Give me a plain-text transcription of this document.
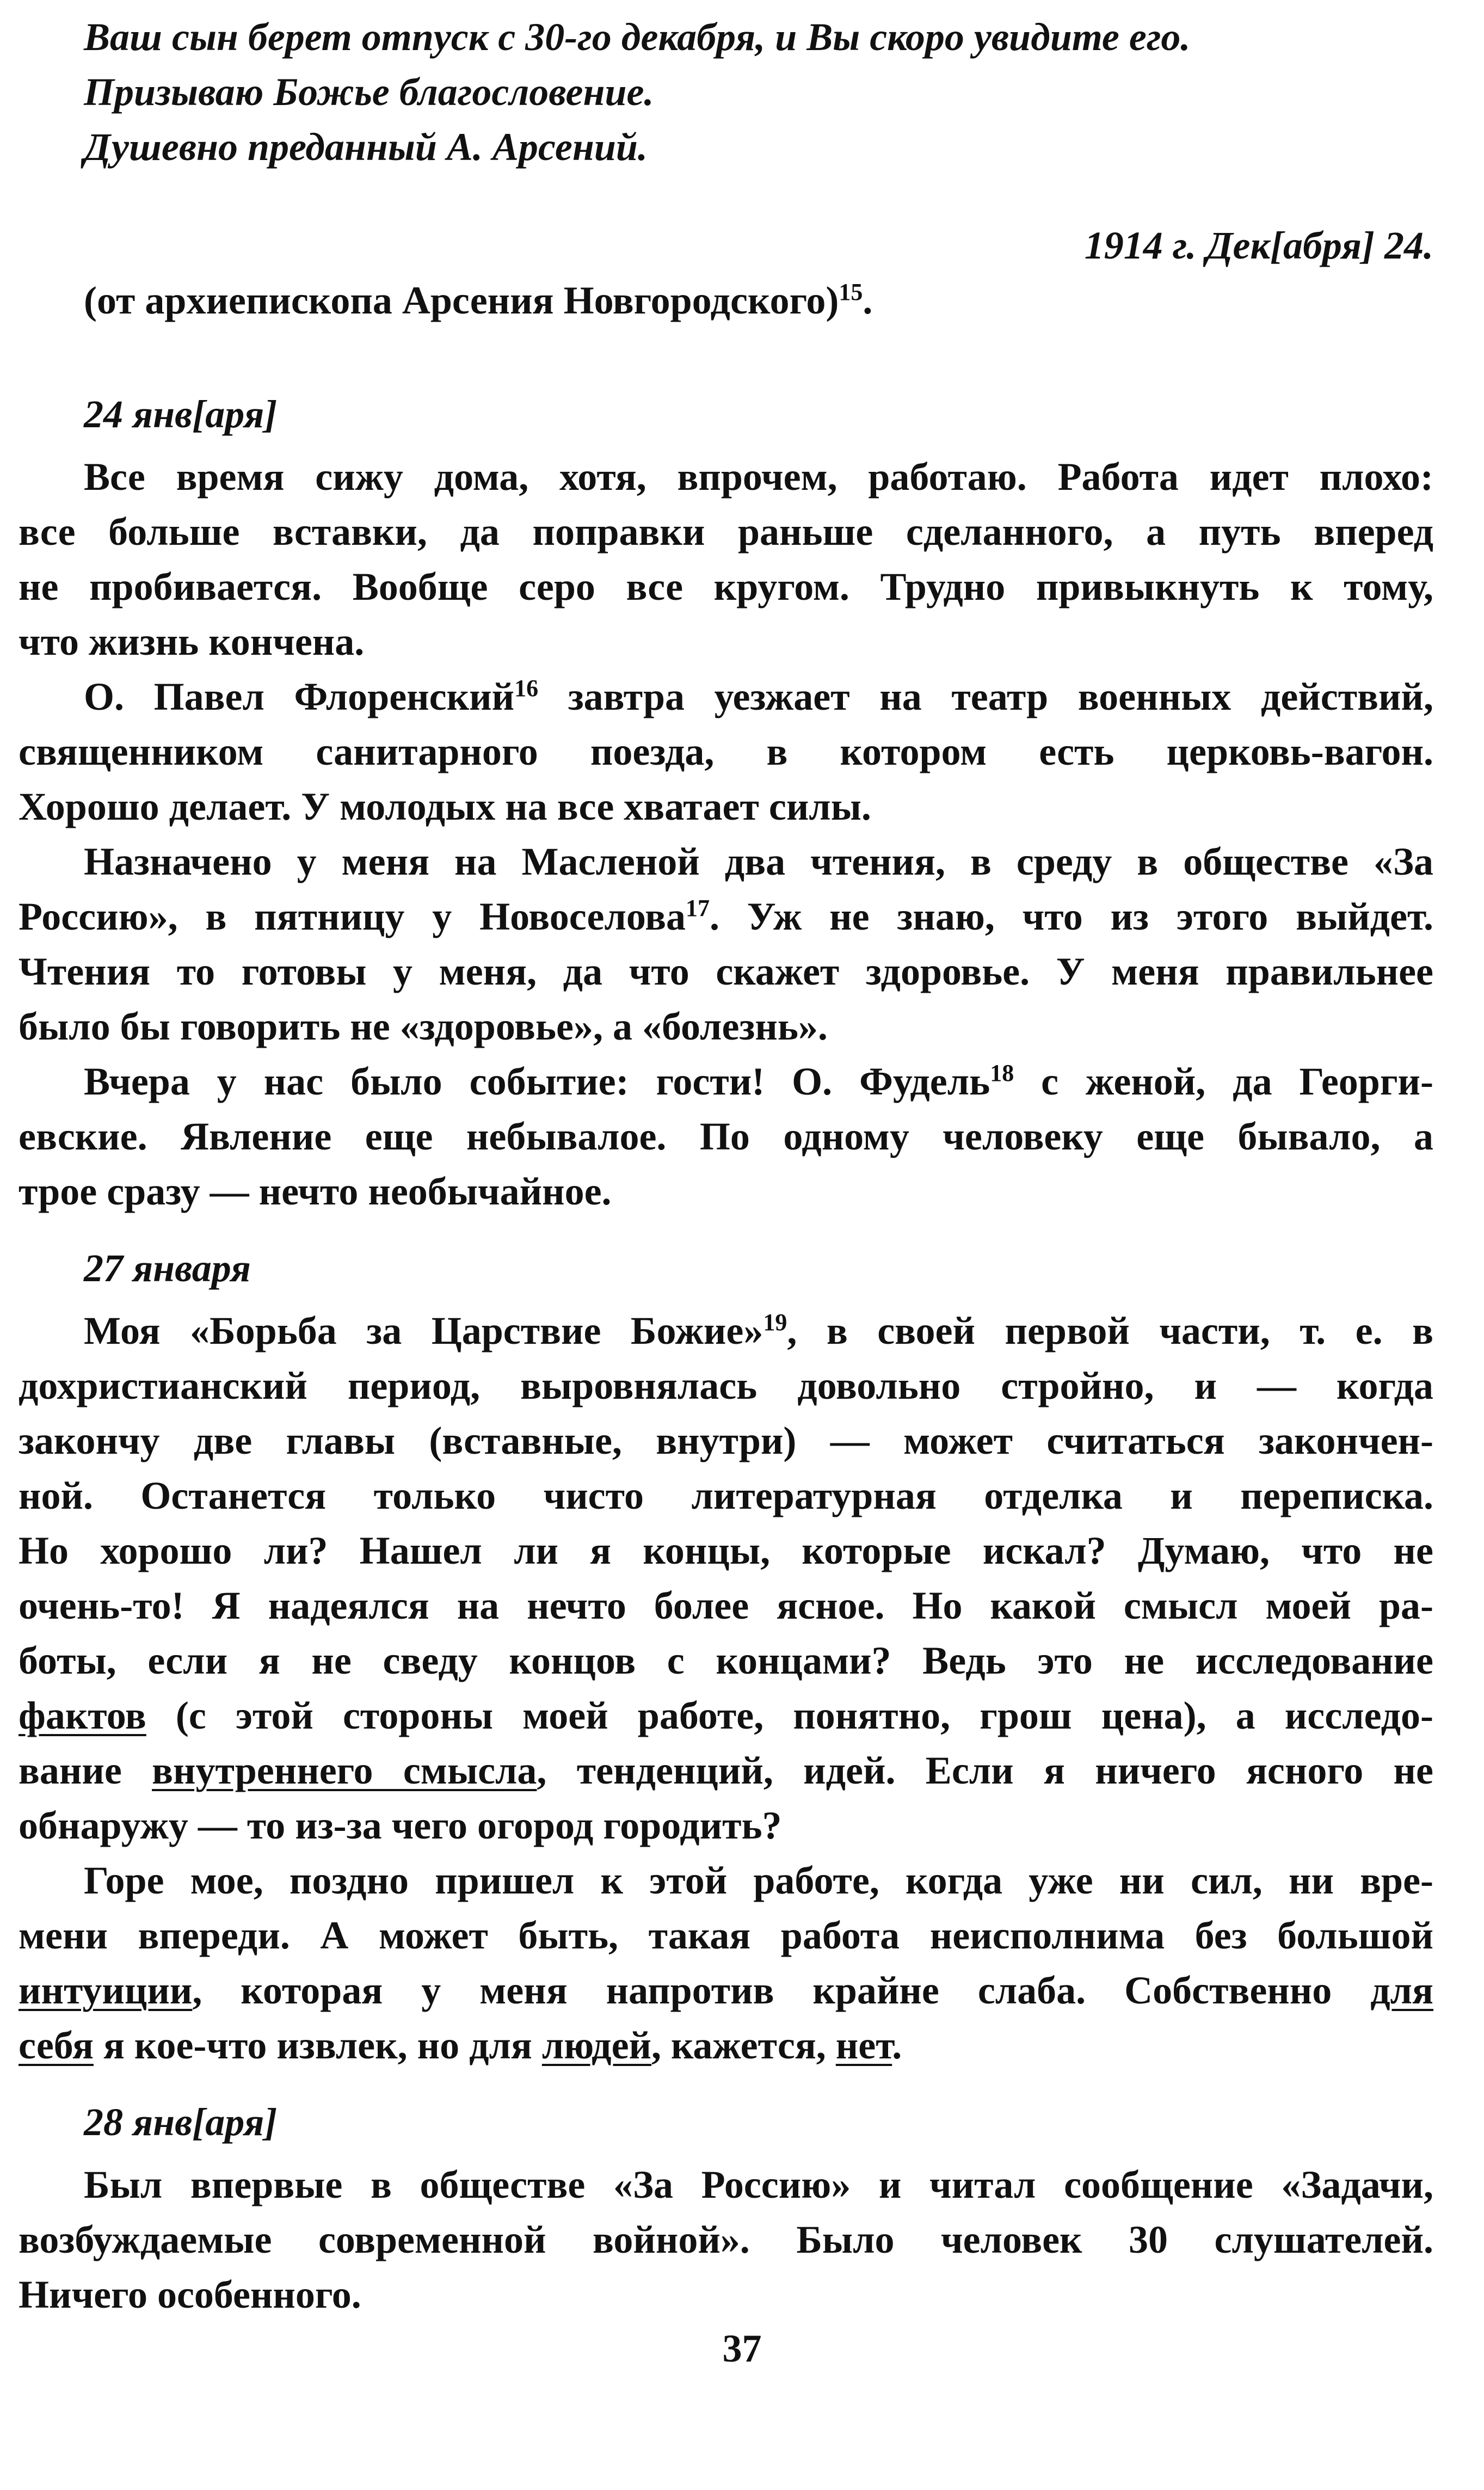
Ваш сын берет отпуск с 30-го декабря, и Вы скоро увидите его.
Призываю Божье благословение.
Душевно преданный А. Арсений.
1914 г. Дек[абря] 24.
(от архиепископа Арсения Новгородского)$^{15}$.
24 янв[аря]
Все время сижу дома, хотя, впрочем, работаю. Работа идет плохо:
все больше вставки, да поправки раньше сделанного, а путь вперед
не пробивается. Вообще серо все кругом. Трудно привыкнуть к тому,
что жизнь кончена.
О. Павел Флоренский$^{16}$ завтра уезжает на театр военных действий,
священником санитарного поезда, в котором есть церковь-вагон.
Хорошо делает. У молодых на все хватает силы.
Назначено у меня на Масленой два чтения, в среду в обществе «За
Россию», в пятницу у Новоселова$^{17}$. Уж не знаю, что из этого выйдет.
Чтения то готовы у меня, да что скажет здоровье. У меня правильнее
было бы говорить не «здоровье», а «болезнь».
Вчера у нас было событие: гости! О. Фудель$^{18}$ с женой, да Георги-
евские. Явление еще небывалое. По одному человеку еще бывало, а
трое сразу — нечто необычайное.
27 января
Моя «Борьба за Царствие Божие»$^{19}$, в своей первой части, т. е. в
дохристианский период, выровнялась довольно стройно, и — когда
закончу две главы (вставные, внутри) — может считаться закончен-
ной. Останется только чисто литературная отделка и переписка.
Но хорошо ли? Нашел ли я концы, которые искал? Думаю, что не
очень-то! Я надеялся на нечто более ясное. Но какой смысл моей ра-
боты, если я не сведу концов с концами? Ведь это не исследование
фактов (с этой стороны моей работе, понятно, грош цена), а исследо-
вание внутреннего смысла, тенденций, идей. Если я ничего ясного не
обнаружу — то из-за чего огород городить?
Горе мое, поздно пришел к этой работе, когда уже ни сил, ни вре-
мени впереди. А может быть, такая работа неисполнима без большой
интуиции, которая у меня напротив крайне слаба. Собственно для
себя я кое-что извлек, но для людей, кажется, нет.
28 янв[аря]
Был впервые в обществе «За Россию» и читал сообщение «Задачи,
возбуждаемые современной войной». Было человек 30 слушателей.
Ничего особенного.
37
